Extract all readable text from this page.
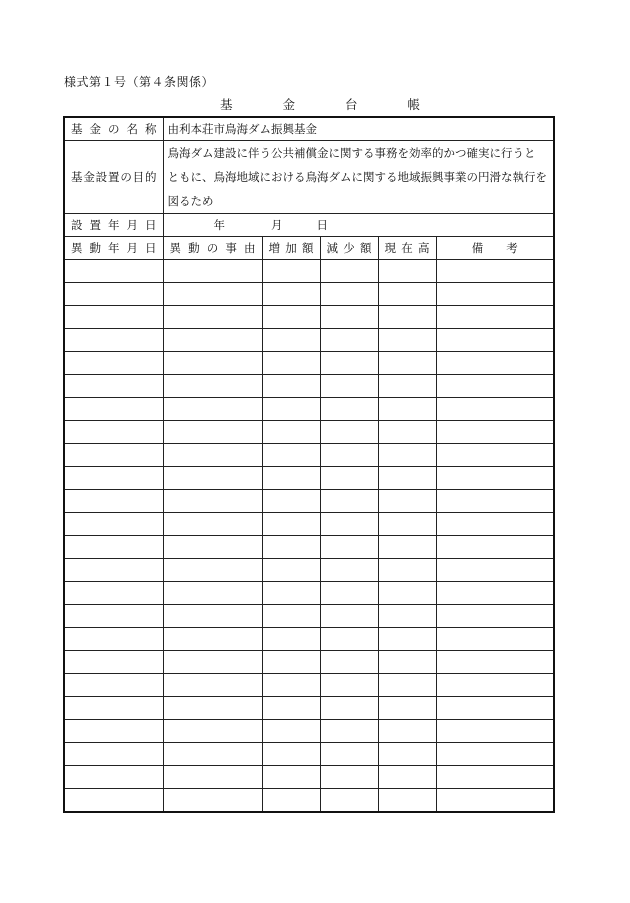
様式第１号（第４条関係）
基	金	台	帳
基金の名称	由利本荘市鳥海ダム振興基金				
基金設置の目的	鳥海ダム建設に伴う公共補償金に関する事務を効率的かつ確実に行うと
ともに、鳥海地域における鳥海ダムに関する地域振興事業の円滑な執行を
図るため				

設置年月日	年 月 日				
異動年月日	異動の事由	増加額	減少額	現在高	備　　考
